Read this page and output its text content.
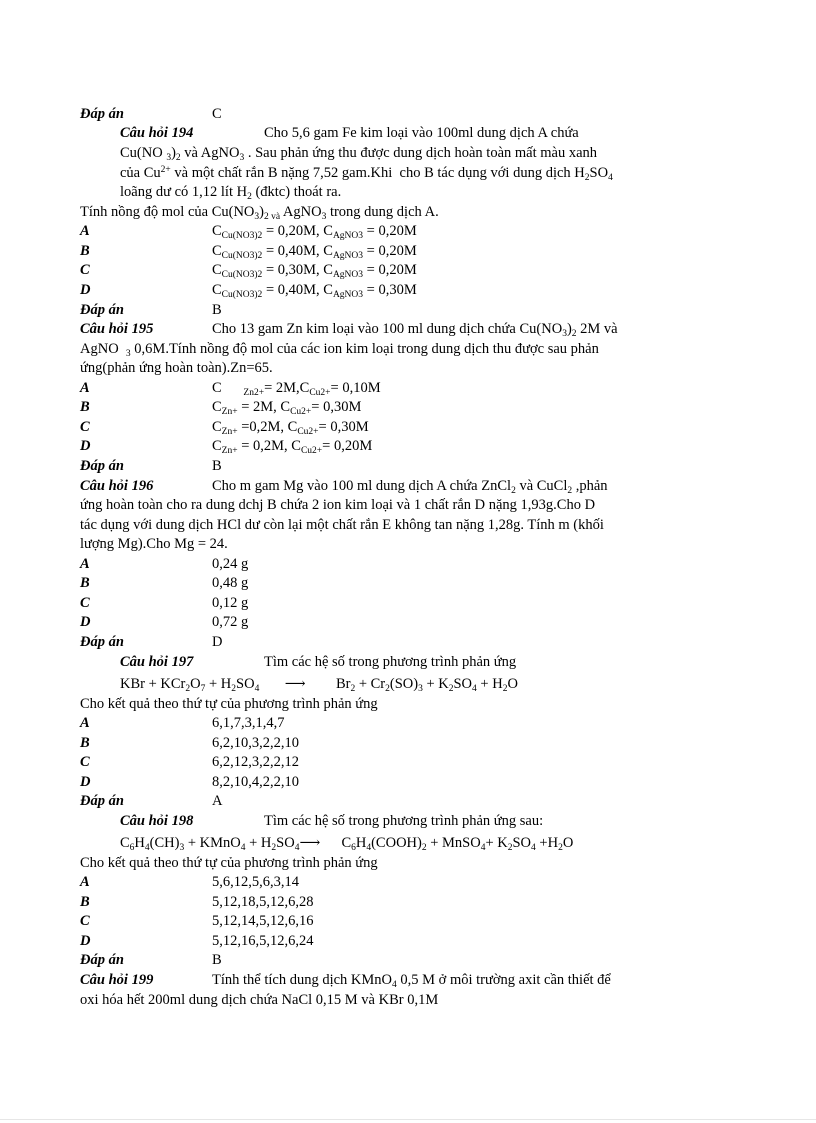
Đáp án	C
Câu hỏi 194	Cho 5,6 gam Fe kim loại vào 100ml dung dịch A chứa
Cu(NO $_3)_2$ và AgNO$_3$ . Sau phản ứng thu được dung dịch hoàn toàn mất màu xanh
của $Cu^{2+}$ và một chất rắn B nặng 7,52 gam.Khi  cho B tác dụng với dung dịch $H_2SO_4$
loãng dư có 1,12 lít $H_2$ (đktc) thoát ra.
Tính nồng độ mol của $Cu(NO_3)_{2 và}$ AgNO$_3$ trong dung dịch A.
A	$C_{Cu(NO3)2} = 0,20M$, $C_{AgNO3} = 0,20M$
B	$C_{Cu(NO3)2} = 0,40M$, $C_{AgNO3} = 0,20M$
C	$C_{Cu(NO3)2} = 0,30M$, $C_{AgNO3} = 0,20M$
D	$C_{Cu(NO3)2} = 0,40M$, $C_{AgNO3} = 0,30M$
Đáp án	B
Câu hỏi 195	Cho 13 gam Zn kim loại vào 100 ml dung dịch chứa $Cu(NO_3)_2$ 2M và
AgNO  $_3$ 0,6M.Tính nồng độ mol của các ion kim loại trong dung dịch thu được sau phản
ứng(phản ứng hoàn toàn).Zn=65.
A	C      $_{Zn2+}= 2M,C_{Cu2+}= 0,10M$
B	$C_{Zn+} = 2M$, $C_{Cu2+}= 0,30M$
C	$C_{Zn+} =0,2M$, $C_{Cu2+}= 0,30M$
D	$C_{Zn+} = 0,2M$, $C_{Cu2+}= 0,20M$
Đáp án	B
Câu hỏi 196	Cho m gam Mg vào 100 ml dung dịch A chứa ZnCl$_2$ và CuCl$_2$ ,phản
ứng hoàn toàn cho ra dung dchj B chứa 2 ion kim loại và 1 chất rắn D nặng 1,93g.Cho D
tác dụng với dung dịch HCl dư còn lại một chất rắn E không tan nặng 1,28g. Tính m (khối
lượng Mg).Cho Mg = 24.
A	0,24 g
B	0,48 g
C	0,12 g
D	0,72 g
Đáp án	D
Câu hỏi 197	Tìm các hệ số trong phương trình phản ứng
KBr + $KCr_2O_7 + H_2SO_4$ ⟶  $Br_2 + Cr_2(SO)_3 + K_2SO_4 + H_2O$
Cho kết quả theo thứ tự của phương trình phản ứng
A	6,1,7,3,1,4,7
B	6,2,10,3,2,2,10
C	6,2,12,3,2,2,12
D	8,2,10,4,2,2,10
Đáp án	A
Câu hỏi 198	Tìm các hệ số trong phương trình phản ứng sau:
$C_6H_4(CH)_3$ + KMnO$_4$ + $H_2SO_4⟶$ $C_6H_4(COOH)_2$ + MnSO$_4$+ $K_2SO_4 +H_2O$
Cho kết quả theo thứ tự của phương trình phản ứng
A	5,6,12,5,6,3,14
B	5,12,18,5,12,6,28
C	5,12,14,5,12,6,16
D	5,12,16,5,12,6,24
Đáp án	B
Câu hỏi 199	Tính thể tích dung dịch KMnO$_4$ 0,5 M ở môi trường axit cần thiết để
oxi hóa hết 200ml dung dịch chứa NaCl 0,15 M và KBr 0,1M
